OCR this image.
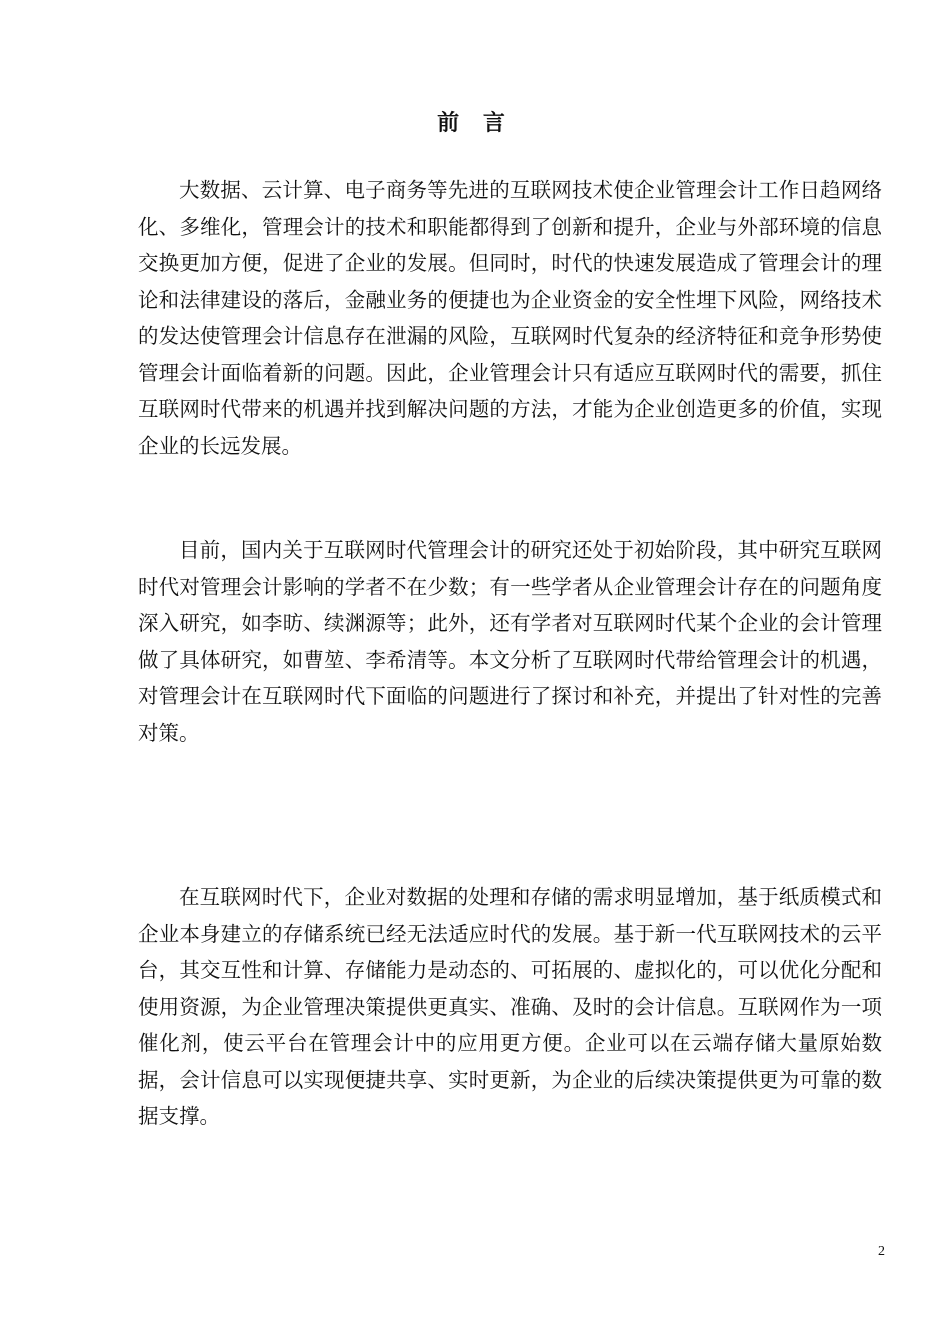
前 言

大数据、云计算、电子商务等先进的互联网技术使企业管理会计工作日趋网络化、多维化，管理会计的技术和职能都得到了创新和提升，企业与外部环境的信息交换更加方便，促进了企业的发展。但同时，时代的快速发展造成了管理会计的理论和法律建设的落后，金融业务的便捷也为企业资金的安全性埋下风险，网络技术的发达使管理会计信息存在泄漏的风险，互联网时代复杂的经济特征和竞争形势使管理会计面临着新的问题。因此，企业管理会计只有适应互联网时代的需要，抓住互联网时代带来的机遇并找到解决问题的方法，才能为企业创造更多的价值，实现企业的长远发展。

目前，国内关于互联网时代管理会计的研究还处于初始阶段，其中研究互联网时代对管理会计影响的学者不在少数；有一些学者从企业管理会计存在的问题角度深入研究，如李昉、续渊源等；此外，还有学者对互联网时代某个企业的会计管理做了具体研究，如曹堃、李希清等。本文分析了互联网时代带给管理会计的机遇，对管理会计在互联网时代下面临的问题进行了探讨和补充，并提出了针对性的完善对策。

在互联网时代下，企业对数据的处理和存储的需求明显增加，基于纸质模式和企业本身建立的存储系统已经无法适应时代的发展。基于新一代互联网技术的云平台，其交互性和计算、存储能力是动态的、可拓展的、虚拟化的，可以优化分配和使用资源，为企业管理决策提供更真实、准确、及时的会计信息。互联网作为一项催化剂，使云平台在管理会计中的应用更方便。企业可以在云端存储大量原始数据，会计信息可以实现便捷共享、实时更新，为企业的后续决策提供更为可靠的数据支撑。

2
